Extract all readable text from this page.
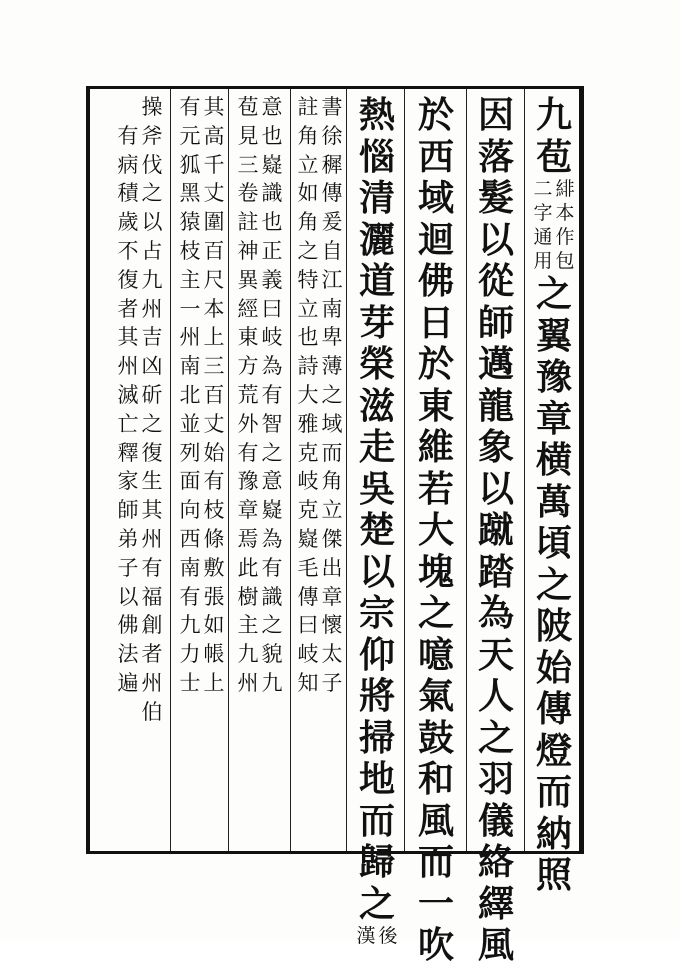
九
苞
緋
本
作
包
二
字
通
用
之
翼
豫
章
横
萬
頃
之
陂
始
傳
燈
而
納
照
因
落
髮
以
從
師
邁
龍
象
以
蹴
踏
為
天
人
之
羽
儀
絡
繹
風
於
西
域
迴
佛
日
於
東
維
若
大
塊
之
噫
氣
鼓
和
風
而
一
吹
熱
惱
清
灑
道
芽
榮
滋
走
吳
楚
以
宗
仰
將
掃
地
而
歸
之
後
漢
書
徐
穉
傳
爰
自
江
南
卑
薄
之
域
而
角
立
傑
出
章
懷
太
子
註
角
立
如
角
之
特
立
也
詩
大
雅
克
岐
克
嶷
毛
傳
曰
岐
知
意
也
嶷
識
也
正
義
曰
岐
為
有
智
之
意
嶷
為
有
識
之
貌
九
苞
見
三
卷
註
神
異
經
東
方
荒
外
有
豫
章
焉
此
樹
主
九
州
其
高
千
丈
圍
百
尺
本
上
三
百
丈
始
有
枝
條
敷
張
如
帳
上
有
元
狐
黑
猿
枝
主
一
州
南
北
並
列
面
向
西
南
有
九
力
士
操
斧
伐
之
以
占
九
州
吉
凶
斫
之
復
生
其
州
有
福
創
者
州
伯
有
病
積
歲
不
復
者
其
州
滅
亡
釋
家
師
弟
子
以
佛
法
遍
